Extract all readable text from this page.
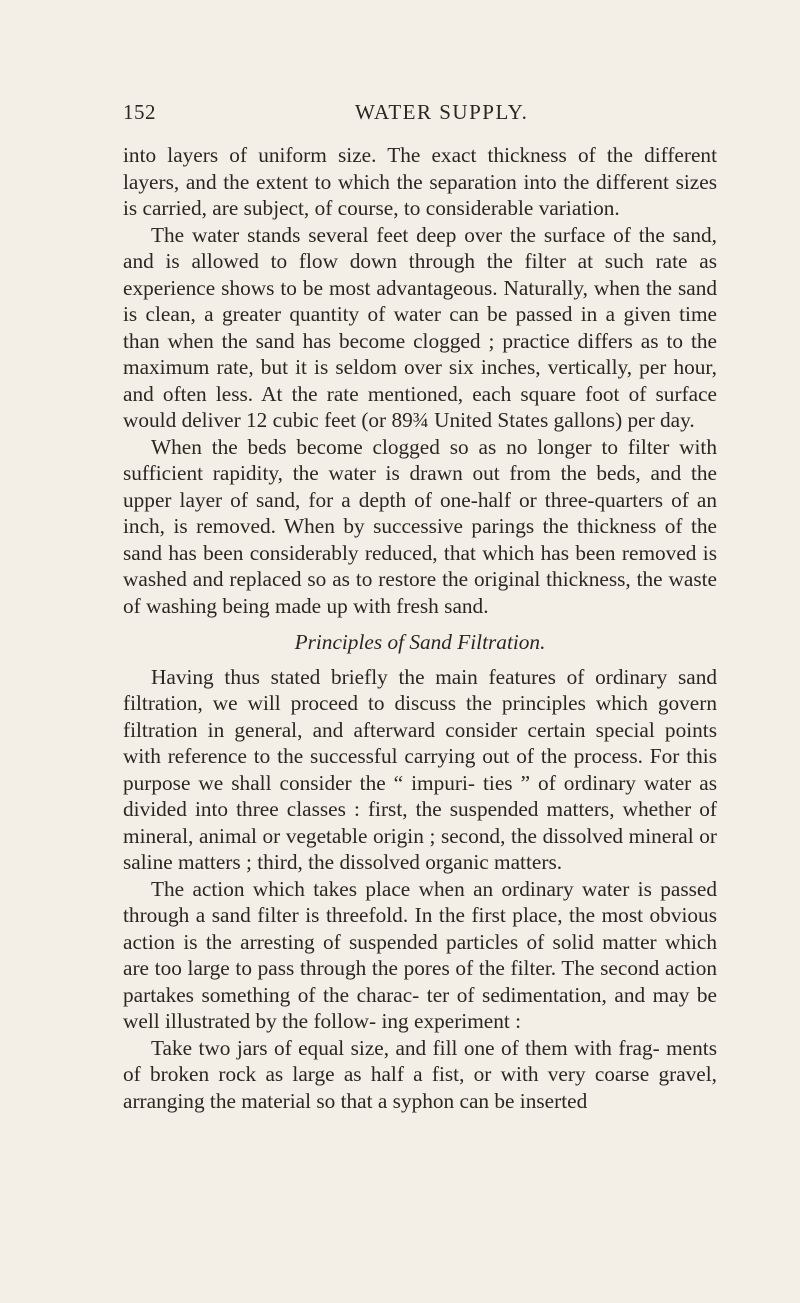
152	WATER SUPPLY.

into layers of uniform size. The exact thickness of the different layers, and the extent to which the separation into the different sizes is carried, are subject, of course, to considerable variation.

The water stands several feet deep over the surface of the sand, and is allowed to flow down through the filter at such rate as experience shows to be most advantageous. Naturally, when the sand is clean, a greater quantity of water can be passed in a given time than when the sand has become clogged ; practice differs as to the maximum rate, but it is seldom over six inches, vertically, per hour, and often less. At the rate mentioned, each square foot of surface would deliver 12 cubic feet (or 89¾ United States gallons) per day.

When the beds become clogged so as no longer to filter with sufficient rapidity, the water is drawn out from the beds, and the upper layer of sand, for a depth of one-half or three-quarters of an inch, is removed. When by successive parings the thickness of the sand has been considerably reduced, that which has been removed is washed and replaced so as to restore the original thickness, the waste of washing being made up with fresh sand.

Principles of Sand Filtration.

Having thus stated briefly the main features of ordinary sand filtration, we will proceed to discuss the principles which govern filtration in general, and afterward consider certain special points with reference to the successful carrying out of the process. For this purpose we shall consider the “ impuri- ties ” of ordinary water as divided into three classes : first, the suspended matters, whether of mineral, animal or vegetable origin ; second, the dissolved mineral or saline matters ; third, the dissolved organic matters.

The action which takes place when an ordinary water is passed through a sand filter is threefold. In the first place, the most obvious action is the arresting of suspended particles of solid matter which are too large to pass through the pores of the filter. The second action partakes something of the charac- ter of sedimentation, and may be well illustrated by the follow- ing experiment :

Take two jars of equal size, and fill one of them with frag- ments of broken rock as large as half a fist, or with very coarse gravel, arranging the material so that a syphon can be inserted
